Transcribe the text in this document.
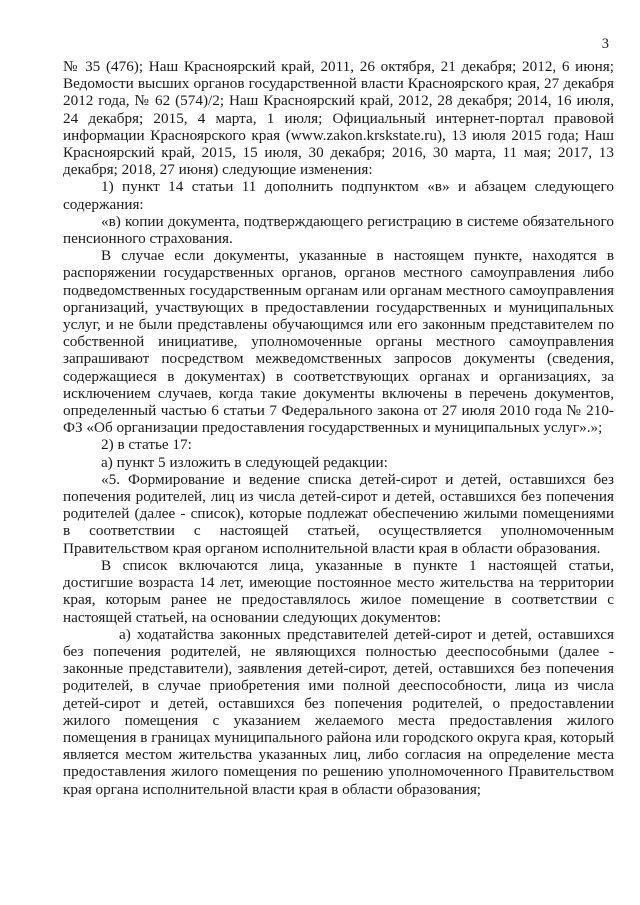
3

№ 35 (476); Наш Красноярский край, 2011, 26 октября, 21 декабря; 2012, 6 июня; Ведомости высших органов государственной власти Красноярского края, 27 декабря 2012 года, № 62 (574)/2; Наш Красноярский край, 2012, 28 декабря; 2014, 16 июля, 24 декабря; 2015, 4 марта, 1 июля; Официальный интернет-портал правовой информации Красноярского края (www.zakon.krskstate.ru), 13 июля 2015 года; Наш Красноярский край, 2015, 15 июля, 30 декабря; 2016, 30 марта, 11 мая; 2017, 13 декабря; 2018, 27 июня) следующие изменения:

1) пункт 14 статьи 11 дополнить подпунктом «в» и абзацем следующего содержания:

«в) копии документа, подтверждающего регистрацию в системе обязательного пенсионного страхования.

В случае если документы, указанные в настоящем пункте, находятся в распоряжении государственных органов, органов местного самоуправления либо подведомственных государственным органам или органам местного самоуправления организаций, участвующих в предоставлении государственных и муниципальных услуг, и не были представлены обучающимся или его законным представителем по собственной инициативе, уполномоченные органы местного самоуправления запрашивают посредством межведомственных запросов документы (сведения, содержащиеся в документах) в соответствующих органах и организациях, за исключением случаев, когда такие документы включены в перечень документов, определенный частью 6 статьи 7 Федерального закона от 27 июля 2010 года № 210-ФЗ «Об организации предоставления государственных и муниципальных услуг».»;

2) в статье 17:

а) пункт 5 изложить в следующей редакции:

«5. Формирование и ведение списка детей-сирот и детей, оставшихся без попечения родителей, лиц из числа детей-сирот и детей, оставшихся без попечения родителей (далее - список), которые подлежат обеспечению жилыми помещениями в соответствии с настоящей статьей, осуществляется уполномоченным Правительством края органом исполнительной власти края в области образования.

В список включаются лица, указанные в пункте 1 настоящей статьи, достигшие возраста 14 лет, имеющие постоянное место жительства на территории края, которым ранее не предоставлялось жилое помещение в соответствии с настоящей статьей, на основании следующих документов:

а) ходатайства законных представителей детей-сирот и детей, оставшихся без попечения родителей, не являющихся полностью дееспособными (далее - законные представители), заявления детей-сирот, детей, оставшихся без попечения родителей, в случае приобретения ими полной дееспособности, лица из числа детей-сирот и детей, оставшихся без попечения родителей, о предоставлении жилого помещения с указанием желаемого места предоставления жилого помещения в границах муниципального района или городского округа края, который является местом жительства указанных лиц, либо согласия на определение места предоставления жилого помещения по решению уполномоченного Правительством края органа исполнительной власти края в области образования;
